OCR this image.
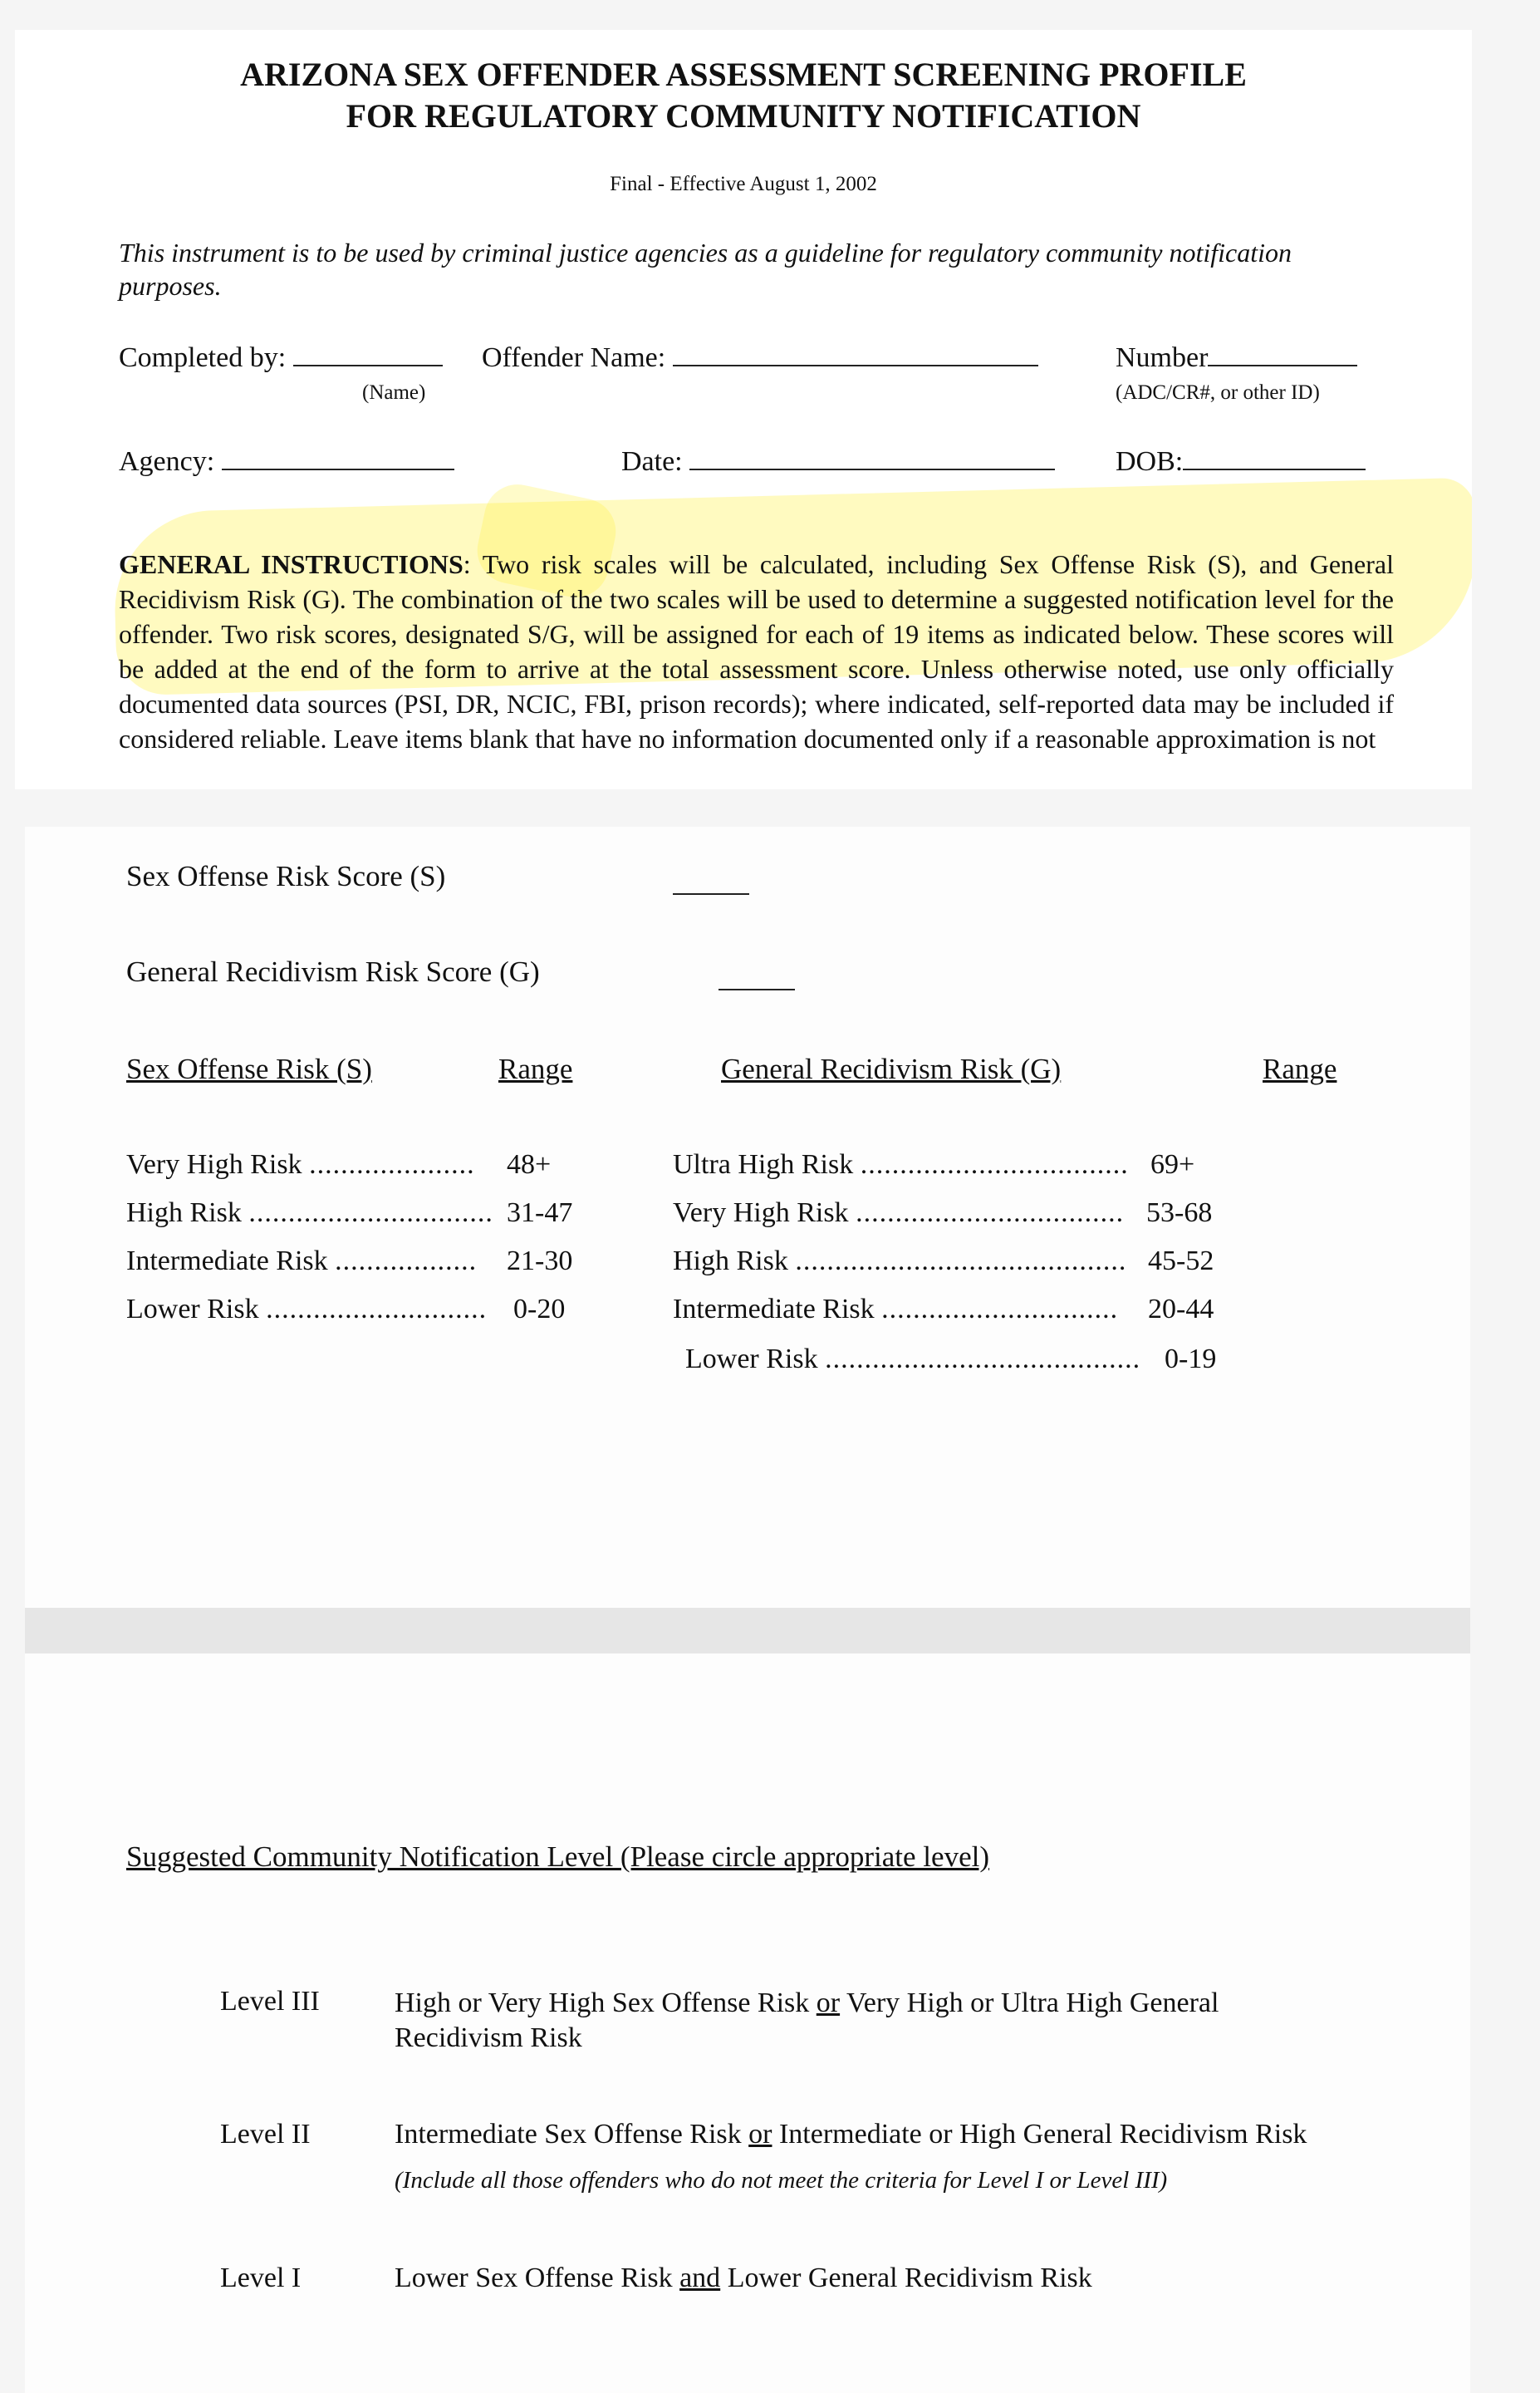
ARIZONA SEX OFFENDER ASSESSMENT SCREENING PROFILE
FOR REGULATORY COMMUNITY NOTIFICATION
Final - Effective August 1, 2002
This instrument is to be used by criminal justice agencies as a guideline for regulatory community notification purposes.
Completed by:
(Name)
Offender Name:	Number
(ADC/CR#, or other ID)
Agency:	Date:	DOB:
GENERAL INSTRUCTIONS: Two risk scales will be calculated, including Sex Offense Risk (S), and General Recidivism Risk (G). The combination of the two scales will be used to determine a suggested notification level for the offender. Two risk scores, designated S/G, will be assigned for each of 19 items as indicated below. These scores will be added at the end of the form to arrive at the total assessment score. Unless otherwise noted, use only officially documented data sources (PSI, DR, NCIC, FBI, prison records); where indicated, self-reported data may be included if considered reliable. Leave items blank that have no information documented only if a reasonable approximation is not
Sex Offense Risk Score (S)
General Recidivism Risk Score (G)
Sex Offense Risk (S)	Range	General Recidivism Risk (G)	Range
Very High Risk ..................... 48+
High Risk ............................... 31-47
Intermediate Risk .................. 21-30
Lower Risk ............................ 0-20
Ultra High Risk .................................. 69+
Very High Risk .................................. 53-68
High Risk .......................................... 45-52
Intermediate Risk .............................. 20-44
Lower Risk ........................................ 0-19
Suggested Community Notification Level (Please circle appropriate level)
Level III	High or Very High Sex Offense Risk or Very High or Ultra High General Recidivism Risk
Level II	Intermediate Sex Offense Risk or Intermediate or High General Recidivism Risk
(Include all those offenders who do not meet the criteria for Level I or Level III)
Level I	Lower Sex Offense Risk and Lower General Recidivism Risk
